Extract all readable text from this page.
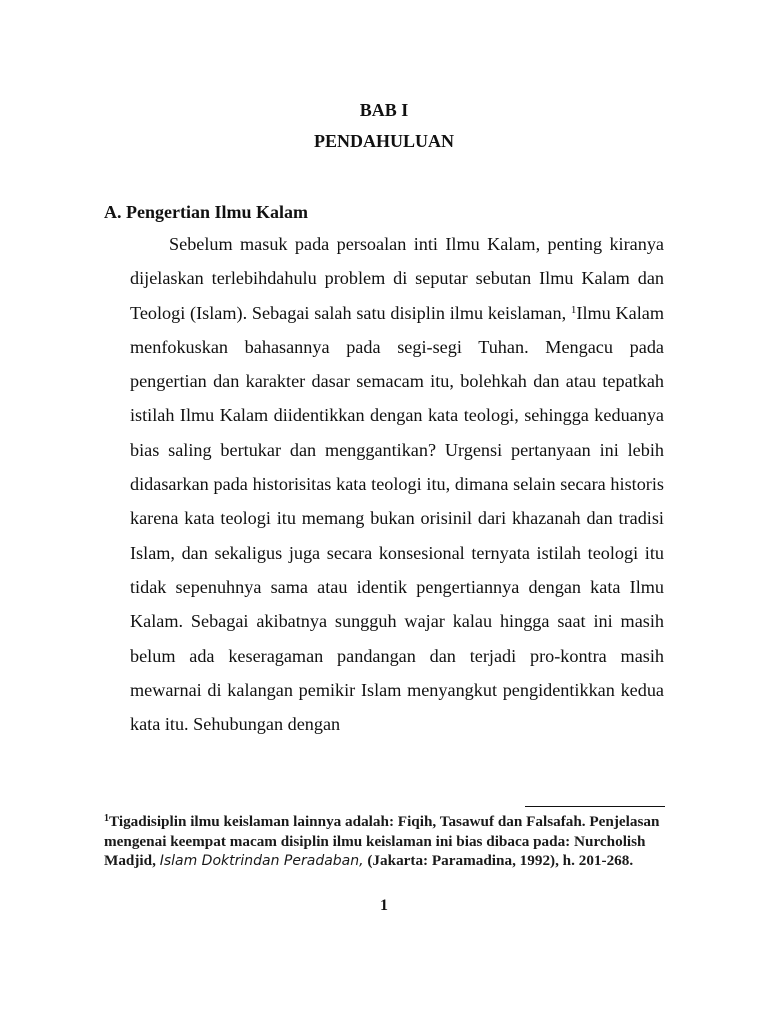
BAB I
PENDAHULUAN
A. Pengertian Ilmu Kalam

Sebelum masuk pada persoalan inti Ilmu Kalam, penting kiranya dijelaskan terlebihdahulu problem di seputar sebutan Ilmu Kalam dan Teologi (Islam). Sebagai salah satu disiplin ilmu keislaman, $^1$Ilmu Kalam menfokuskan bahasannya pada segi-segi Tuhan. Mengacu pada pengertian dan karakter dasar semacam itu, bolehkah dan atau tepatkah istilah Ilmu Kalam diidentikkan dengan kata teologi, sehingga keduanya bias saling bertukar dan menggantikan? Urgensi pertanyaan ini lebih didasarkan pada historisitas kata teologi itu, dimana selain secara historis karena kata teologi itu memang bukan orisinil dari khazanah dan tradisi Islam, dan sekaligus juga secara konsesional ternyata istilah teologi itu tidak sepenuhnya sama atau identik pengertiannya dengan kata Ilmu Kalam. Sebagai akibatnya sungguh wajar kalau hingga saat ini masih belum ada keseragaman pandangan dan terjadi pro-kontra masih mewarnai di kalangan pemikir Islam menyangkut pengidentikkan kedua kata itu. Sehubungan dengan

$^1$Tigadisiplin ilmu keislaman lainnya adalah: Fiqih, Tasawuf dan Falsafah. Penjelasan mengenai keempat macam disiplin ilmu keislaman ini bias dibaca pada: Nurcholish Madjid, Islam Doktrindan Peradaban, (Jakarta: Paramadina, 1992), h. 201-268.

1
